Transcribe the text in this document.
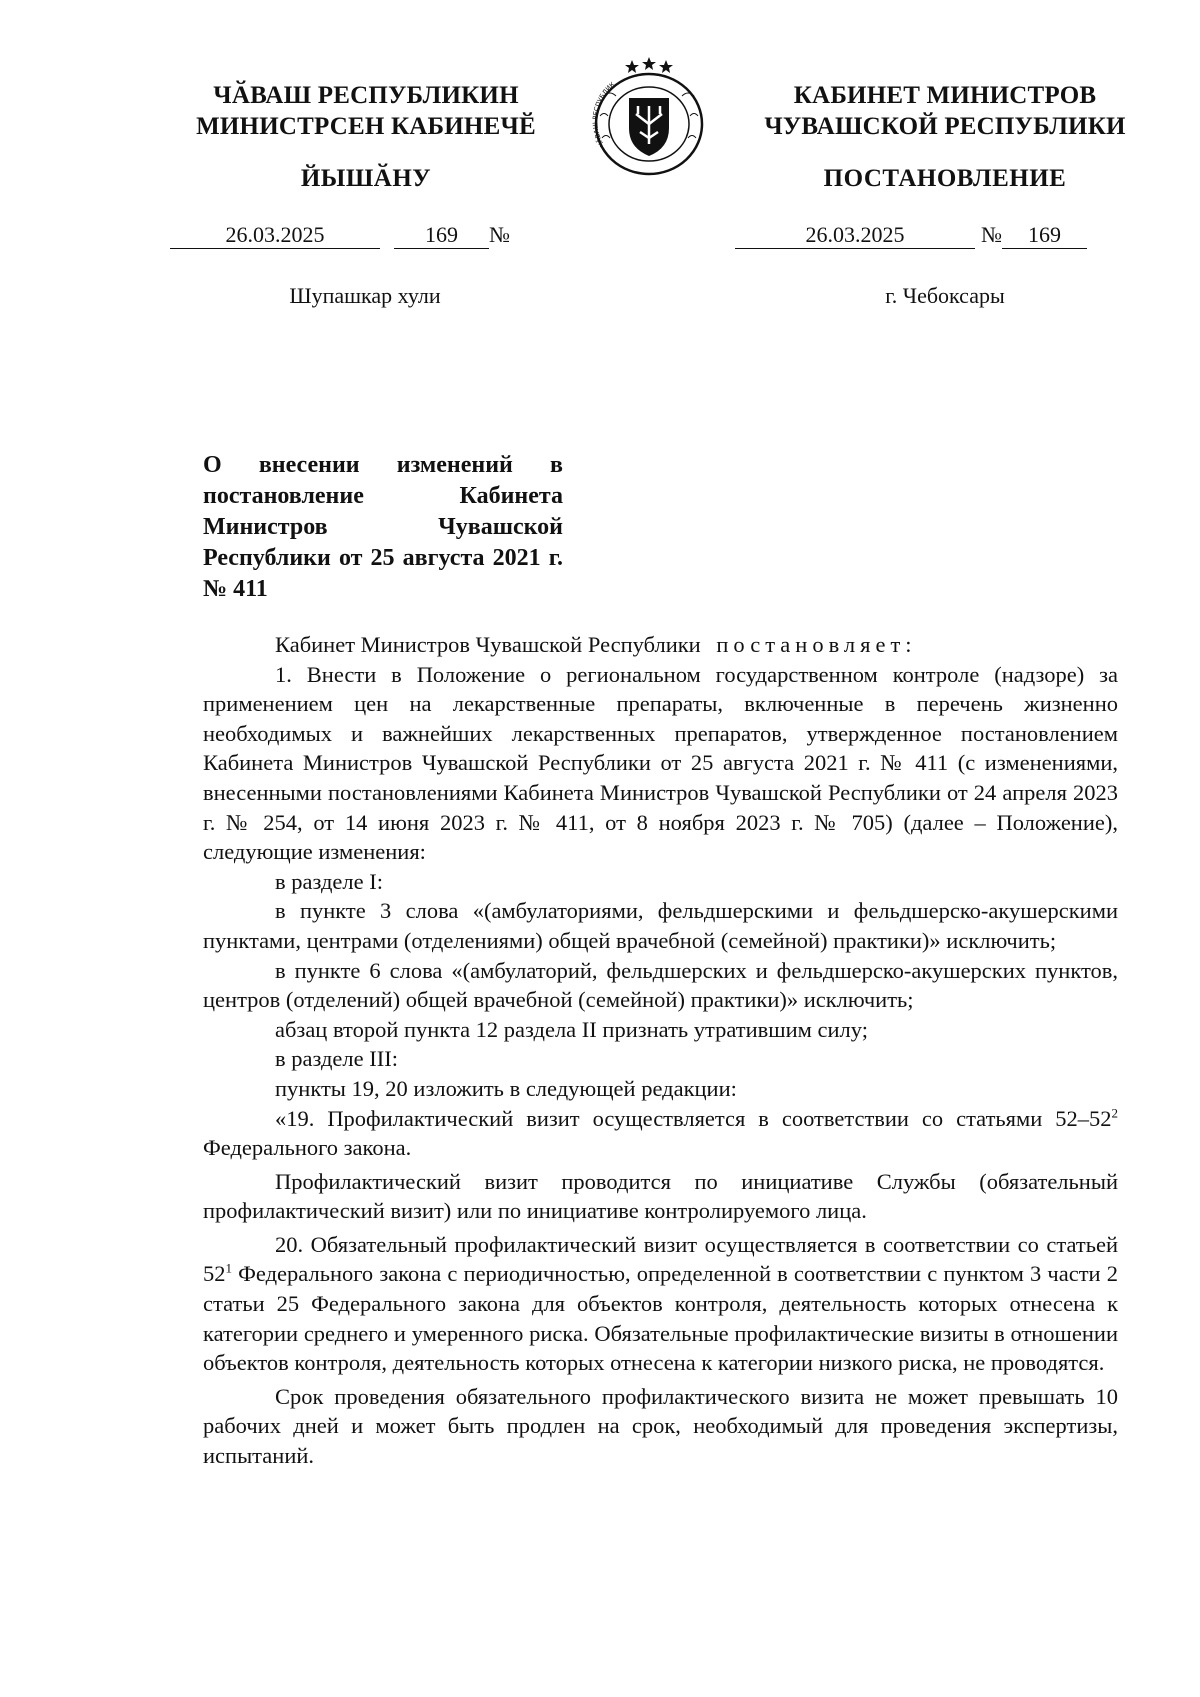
ЧӐВАШ РЕСПУБЛИКИН
МИНИСТРСЕН КАБИНЕЧӖ
КАБИНЕТ МИНИСТРОВ
ЧУВАШСКОЙ РЕСПУБЛИКИ
ЙЫШӐНУ	ПОСТАНОВЛЕНИЕ
ЧӐВАШ РЕСПУБЛИК
26.03.2025	169 №	26.03.2025	№ 169
Шупашкар хули	г. Чебоксары
О внесении изменений в постановление Кабинета Министров Чувашской Республики от 25 августа 2021 г. № 411

Кабинет Министров Чувашской Республики постановляет:

1. Внести в Положение о региональном государственном контроле (надзоре) за применением цен на лекарственные препараты, включенные в перечень жизненно необходимых и важнейших лекарственных препаратов, утвержденное постановлением Кабинета Министров Чувашской Республики от 25 августа 2021 г. № 411 (с изменениями, внесенными постановлениями Кабинета Министров Чувашской Республики от 24 апреля 2023 г. № 254, от 14 июня 2023 г. № 411, от 8 ноября 2023 г. № 705) (далее – Положение), следующие изменения:

в разделе I:

в пункте 3 слова «(амбулаториями, фельдшерскими и фельдшерско-акушерскими пунктами, центрами (отделениями) общей врачебной (семейной) практики)» исключить;

в пункте 6 слова «(амбулаторий, фельдшерских и фельдшерско-акушерских пунктов, центров (отделений) общей врачебной (семейной) практики)» исключить;

абзац второй пункта 12 раздела II признать утратившим силу;

в разделе III:

пункты 19, 20 изложить в следующей редакции:

«19. Профилактический визит осуществляется в соответствии со статьями $52-52^2$ Федерального закона.

Профилактический визит проводится по инициативе Службы (обязательный профилактический визит) или по инициативе контролируемого лица.

20. Обязательный профилактический визит осуществляется в соответствии со статьей $52^1$ Федерального закона с периодичностью, определенной в соответствии с пунктом 3 части 2 статьи 25 Федерального закона для объектов контроля, деятельность которых отнесена к категории среднего и умеренного риска. Обязательные профилактические визиты в отношении объектов контроля, деятельность которых отнесена к категории низкого риска, не проводятся.

Срок проведения обязательного профилактического визита не может превышать 10 рабочих дней и может быть продлен на срок, необходимый для проведения экспертизы, испытаний.
